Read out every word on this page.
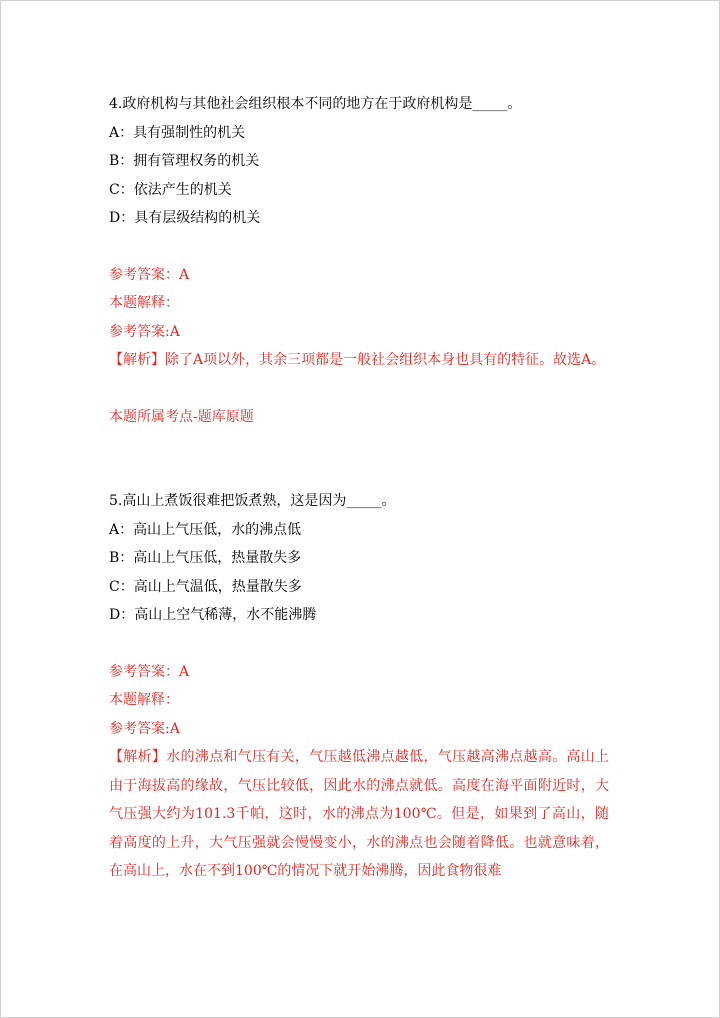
4.政府机构与其他社会组织根本不同的地方在于政府机构是_____。
A：具有强制性的机关
B：拥有管理权务的机关
C：依法产生的机关
D：具有层级结构的机关
参考答案：A
本题解释：
参考答案:A
【解析】除了A项以外，其余三项都是一般社会组织本身也具有的特征。故选A。
本题所属考点-题库原题
5.高山上煮饭很难把饭煮熟，这是因为_____。
A：高山上气压低，水的沸点低
B：高山上气压低，热量散失多
C：高山上气温低，热量散失多
D：高山上空气稀薄，水不能沸腾
参考答案：A
本题解释：
参考答案:A
【解析】水的沸点和气压有关，气压越低沸点越低，气压越高沸点越高。高山上由于海拔高的缘故，气压比较低，因此水的沸点就低。高度在海平面附近时，大气压强大约为101.3千帕，这时，水的沸点为100℃。但是，如果到了高山，随着高度的上升，大气压强就会慢慢变小，水的沸点也会随着降低。也就意味着，在高山上，水在不到100℃的情况下就开始沸腾，因此食物很难
